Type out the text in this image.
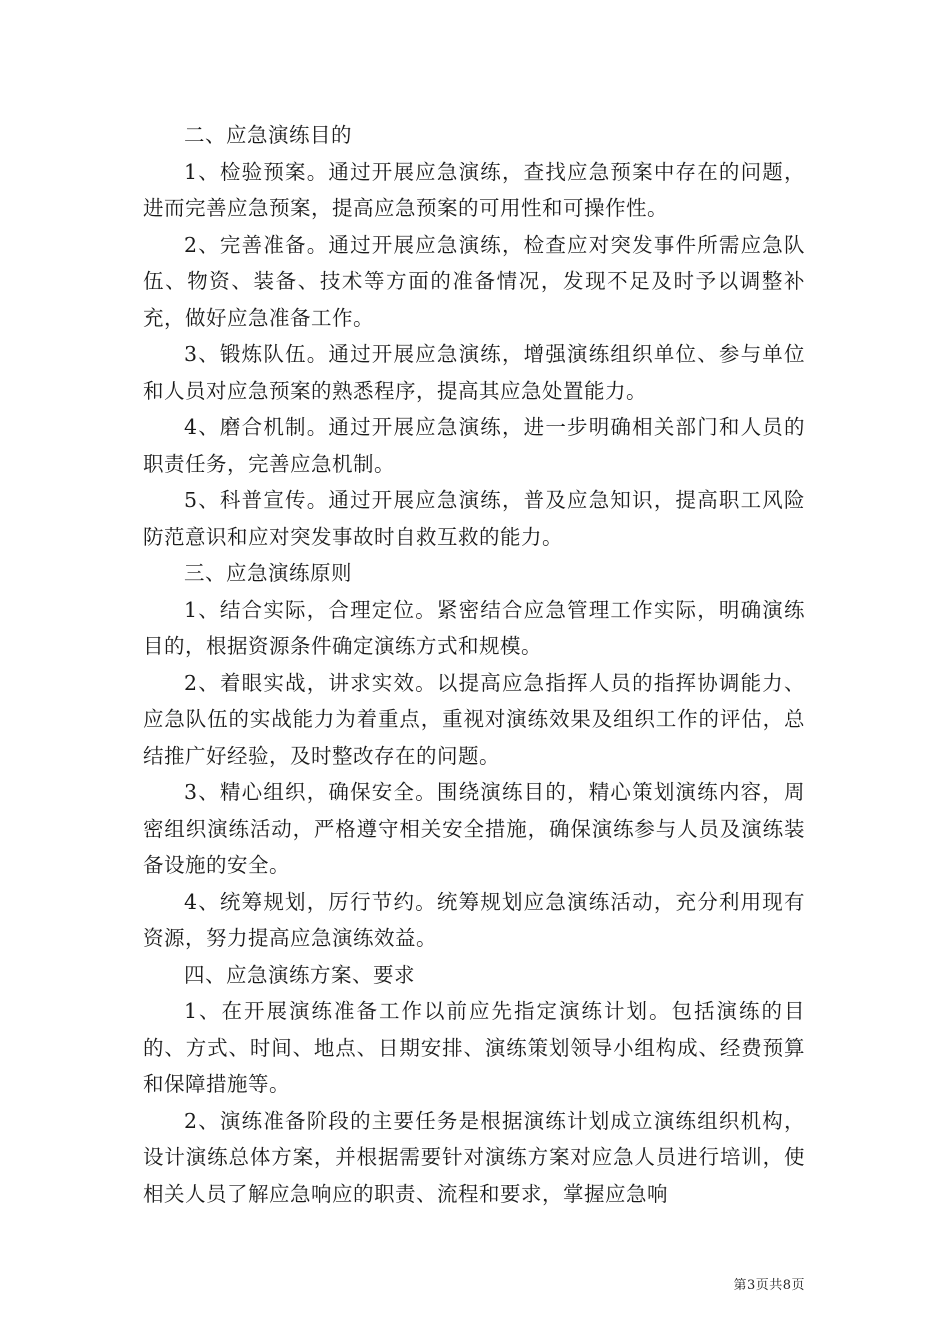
二、应急演练目的

1、检验预案。通过开展应急演练，查找应急预案中存在的问题，进而完善应急预案，提高应急预案的可用性和可操作性。

2、完善准备。通过开展应急演练，检查应对突发事件所需应急队伍、物资、装备、技术等方面的准备情况，发现不足及时予以调整补充，做好应急准备工作。

3、锻炼队伍。通过开展应急演练，增强演练组织单位、参与单位和人员对应急预案的熟悉程序，提高其应急处置能力。

4、磨合机制。通过开展应急演练，进一步明确相关部门和人员的职责任务，完善应急机制。

5、科普宣传。通过开展应急演练，普及应急知识，提高职工风险防范意识和应对突发事故时自救互救的能力。

三、应急演练原则

1、结合实际，合理定位。紧密结合应急管理工作实际，明确演练目的，根据资源条件确定演练方式和规模。

2、着眼实战，讲求实效。以提高应急指挥人员的指挥协调能力、应急队伍的实战能力为着重点，重视对演练效果及组织工作的评估，总结推广好经验，及时整改存在的问题。

3、精心组织，确保安全。围绕演练目的，精心策划演练内容，周密组织演练活动，严格遵守相关安全措施，确保演练参与人员及演练装备设施的安全。

4、统筹规划，厉行节约。统筹规划应急演练活动，充分利用现有资源，努力提高应急演练效益。

四、应急演练方案、要求

1、在开展演练准备工作以前应先指定演练计划。包括演练的目的、方式、时间、地点、日期安排、演练策划领导小组构成、经费预算和保障措施等。

2、演练准备阶段的主要任务是根据演练计划成立演练组织机构，设计演练总体方案，并根据需要针对演练方案对应急人员进行培训，使相关人员了解应急响应的职责、流程和要求，掌握应急响

第3页共8页
